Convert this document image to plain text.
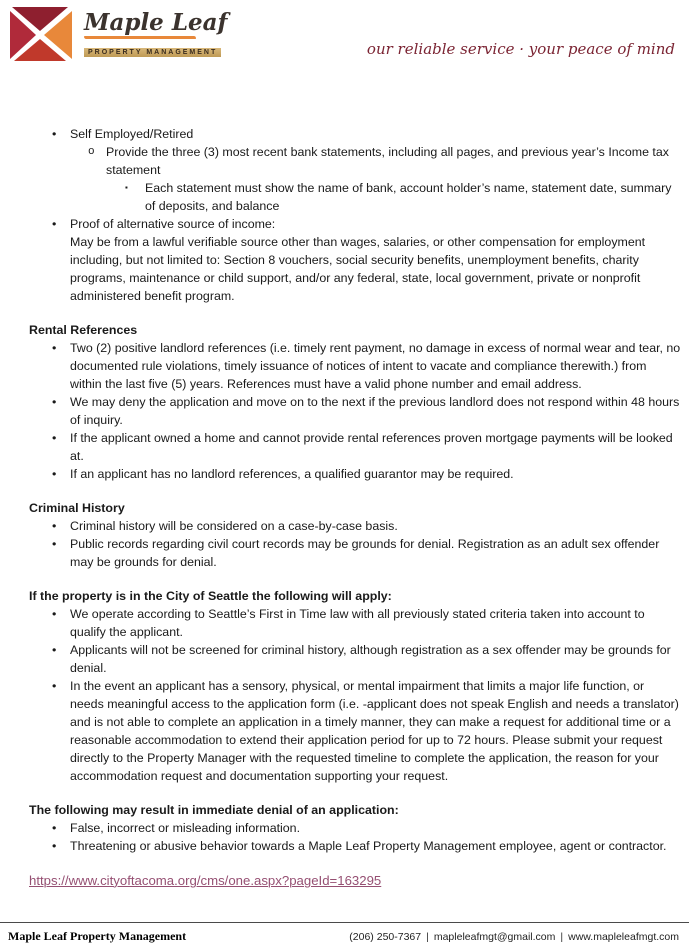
Maple Leaf
PROPERTY MANAGEMENT	our reliable service · your peace of mind
• Self Employed/Retired
o Provide the three (3) most recent bank statements, including all pages, and previous year’s Income tax statement
▪ Each statement must show the name of bank, account holder’s name, statement date, summary of deposits, and balance
• Proof of alternative source of income:
May be from a lawful verifiable source other than wages, salaries, or other compensation for employment including, but not limited to: Section 8 vouchers, social security benefits, unemployment benefits, charity programs, maintenance or child support, and/or any federal, state, local government, private or nonprofit administered benefit program.
Rental References
• Two (2) positive landlord references (i.e. timely rent payment, no damage in excess of normal wear and tear, no documented rule violations, timely issuance of notices of intent to vacate and compliance therewith.) from within the last five (5) years. References must have a valid phone number and email address.
• We may deny the application and move on to the next if the previous landlord does not respond within 48 hours of inquiry.
• If the applicant owned a home and cannot provide rental references proven mortgage payments will be looked at.
• If an applicant has no landlord references, a qualified guarantor may be required.
Criminal History
• Criminal history will be considered on a case-by-case basis.
• Public records regarding civil court records may be grounds for denial. Registration as an adult sex offender may be grounds for denial.
If the property is in the City of Seattle the following will apply:
• We operate according to Seattle’s First in Time law with all previously stated criteria taken into account to qualify the applicant.
• Applicants will not be screened for criminal history, although registration as a sex offender may be grounds for denial.
• In the event an applicant has a sensory, physical, or mental impairment that limits a major life function, or needs meaningful access to the application form (i.e. -applicant does not speak English and needs a translator) and is not able to complete an application in a timely manner, they can make a request for additional time or a reasonable accommodation to extend their application period for up to 72 hours. Please submit your request directly to the Property Manager with the requested timeline to complete the application, the reason for your accommodation request and documentation supporting your request.
The following may result in immediate denial of an application:
• False, incorrect or misleading information.
• Threatening or abusive behavior towards a Maple Leaf Property Management employee, agent or contractor.
https://www.cityoftacoma.org/cms/one.aspx?pageId=163295
Maple Leaf Property Management	(206) 250-7367 | mapleleafmgt@gmail.com | www.mapleleafmgt.com
